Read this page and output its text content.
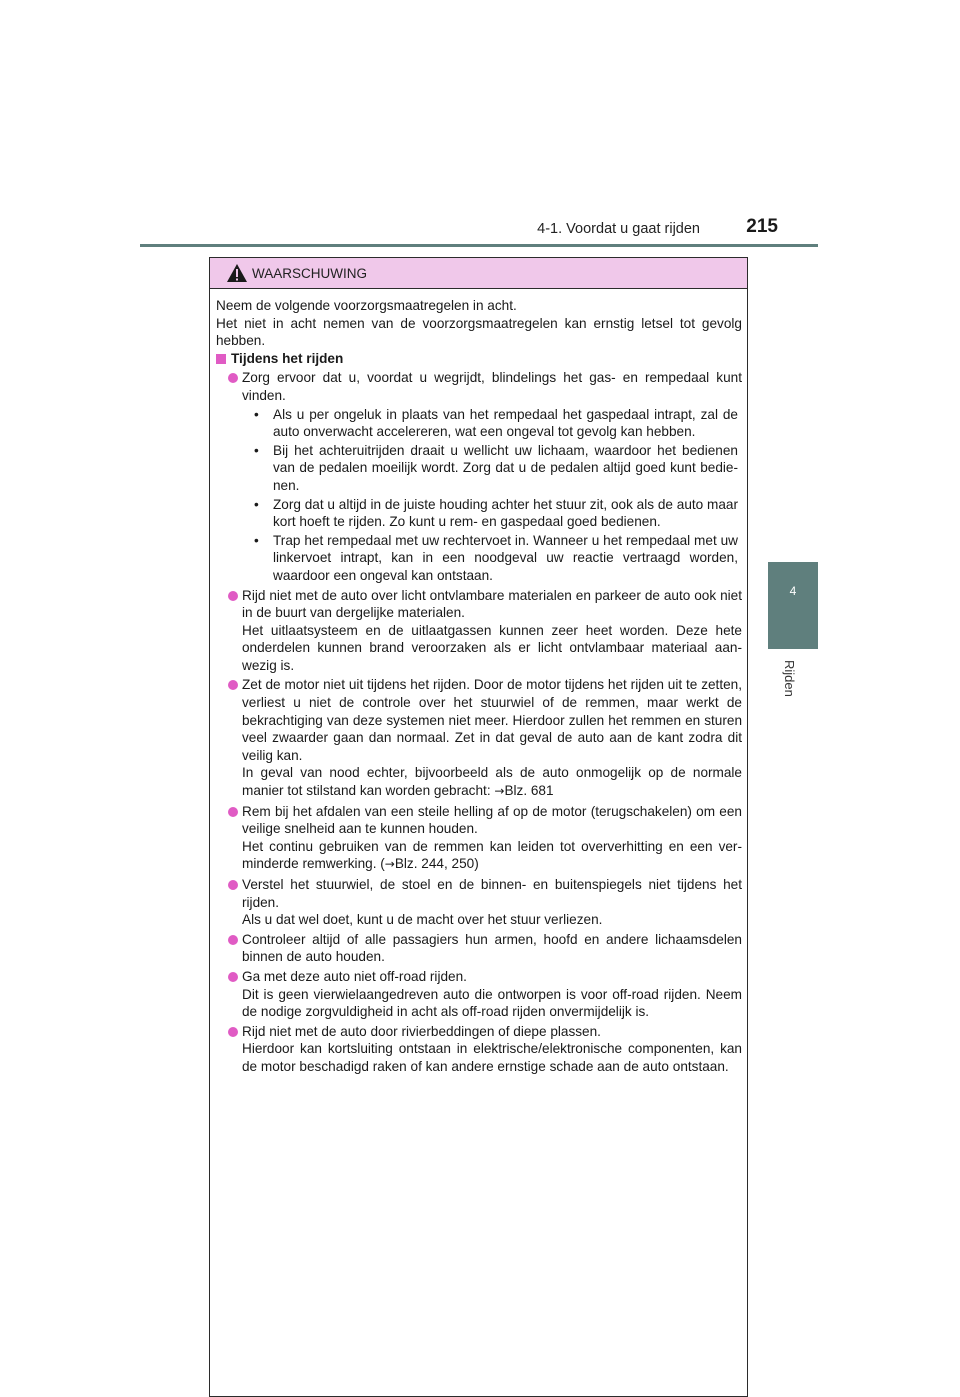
4-1. Voordat u gaat rijden	215
4
Rijden
WAARSCHUWING

Neem de volgende voorzorgsmaatregelen in acht.

Het niet in acht nemen van de voorzorgsmaatregelen kan ernstig letsel tot gevolg hebben.

Tijdens het rijden

Zorg ervoor dat u, voordat u wegrijdt, blindelings het gas- en rempedaal kunt vinden.

• Als u per ongeluk in plaats van het rempedaal het gaspedaal intrapt, zal de auto onverwacht accelereren, wat een ongeval tot gevolg kan hebben.
• Bij het achteruitrijden draait u wellicht uw lichaam, waardoor het bedienen van de pedalen moeilijk wordt. Zorg dat u de pedalen altijd goed kunt bedie-nen.
• Zorg dat u altijd in de juiste houding achter het stuur zit, ook als de auto maar kort hoeft te rijden. Zo kunt u rem- en gaspedaal goed bedienen.
• Trap het rempedaal met uw rechtervoet in. Wanneer u het rempedaal met uw linkervoet intrapt, kan in een noodgeval uw reactie vertraagd worden, waardoor een ongeval kan ontstaan.

Rijd niet met de auto over licht ontvlambare materialen en parkeer de auto ook niet in de buurt van dergelijke materialen.

Het uitlaatsysteem en de uitlaatgassen kunnen zeer heet worden. Deze hete onderdelen kunnen brand veroorzaken als er licht ontvlambaar materiaal aan-wezig is.

Zet de motor niet uit tijdens het rijden. Door de motor tijdens het rijden uit te zetten, verliest u niet de controle over het stuurwiel of de remmen, maar werkt de bekrachtiging van deze systemen niet meer. Hierdoor zullen het remmen en sturen veel zwaarder gaan dan normaal. Zet in dat geval de auto aan de kant zodra dit veilig kan.

In geval van nood echter, bijvoorbeeld als de auto onmogelijk op de normale manier tot stilstand kan worden gebracht: →Blz. 681

Rem bij het afdalen van een steile helling af op de motor (terugschakelen) om een veilige snelheid aan te kunnen houden.

Het continu gebruiken van de remmen kan leiden tot oververhitting en een ver-minderde remwerking. (→Blz. 244, 250)

Verstel het stuurwiel, de stoel en de binnen- en buitenspiegels niet tijdens het rijden.

Als u dat wel doet, kunt u de macht over het stuur verliezen.

Controleer altijd of alle passagiers hun armen, hoofd en andere lichaamsdelen binnen de auto houden.

Ga met deze auto niet off-road rijden.

Dit is geen vierwielaangedreven auto die ontworpen is voor off-road rijden. Neem de nodige zorgvuldigheid in acht als off-road rijden onvermijdelijk is.

Rijd niet met de auto door rivierbeddingen of diepe plassen.

Hierdoor kan kortsluiting ontstaan in elektrische/elektronische componenten, kan de motor beschadigd raken of kan andere ernstige schade aan de auto ontstaan.
